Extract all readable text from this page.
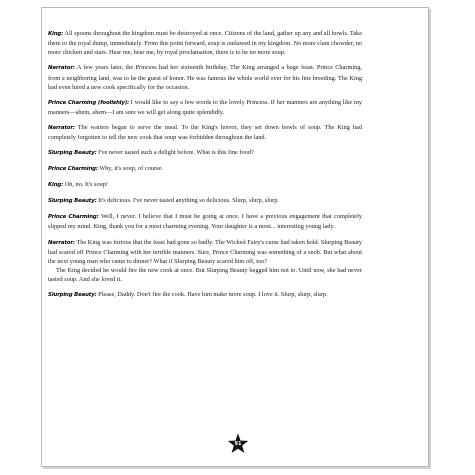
King: All spoons throughout the kingdom must be destroyed at once. Citizens of the land, gather up any and all bowls. Take them to the royal dump, immediately. From this point forward, soup is outlawed in my kingdom. No more clam chowder, no more chicken and stars. Hear me, hear me, by royal proclamation, there is to be no more soup.

Narrator: A few years later, the Princess had her sixteenth birthday. The King arranged a huge feast. Prince Charming, from a neighboring land, was to be the guest of honor. He was famous the whole world over for his fine breeding. The King had even hired a new cook specifically for the occasion.

Prince Charming (foolishly): I would like to say a few words to the lovely Princess. If her manners are anything like my manners—ahem, ahem—I am sure we will get along quite splendidly.

Narrator: The waiters began to serve the meal. To the King's horror, they set down bowls of soup. The King had completely forgotten to tell the new cook that soup was forbidden throughout the land.

Slurping Beauty: I've never tasted such a delight before. What is this fine food?

Prince Charming: Why, it's soup, of course.

King: Oh, no. It's soup!

Slurping Beauty: It's delicious. I've never tasted anything so delicious. Slurp, slurp, slurp.

Prince Charming: Well, I never. I believe that I must be going at once. I have a previous engagement that completely slipped my mind. King, thank you for a most charming evening. Your daughter is a most... interesting young lady.

Narrator: The King was furious that the feast had gone so badly. The Wicked Fairy's curse had taken hold. Slurping Beauty had scared off Prince Charming with her terrible manners. Sure, Prince Charming was something of a snob. But what about the next young man who came to dinner? What if Slurping Beauty scared him off, too?

The King decided he would fire the new cook at once. But Slurping Beauty begged him not to. Until now, she had never tasted soup. And she loved it.

Slurping Beauty: Please, Daddy. Don't fire the cook. Have him make more soup. I love it. Slurp, slurp, slurp.

91
